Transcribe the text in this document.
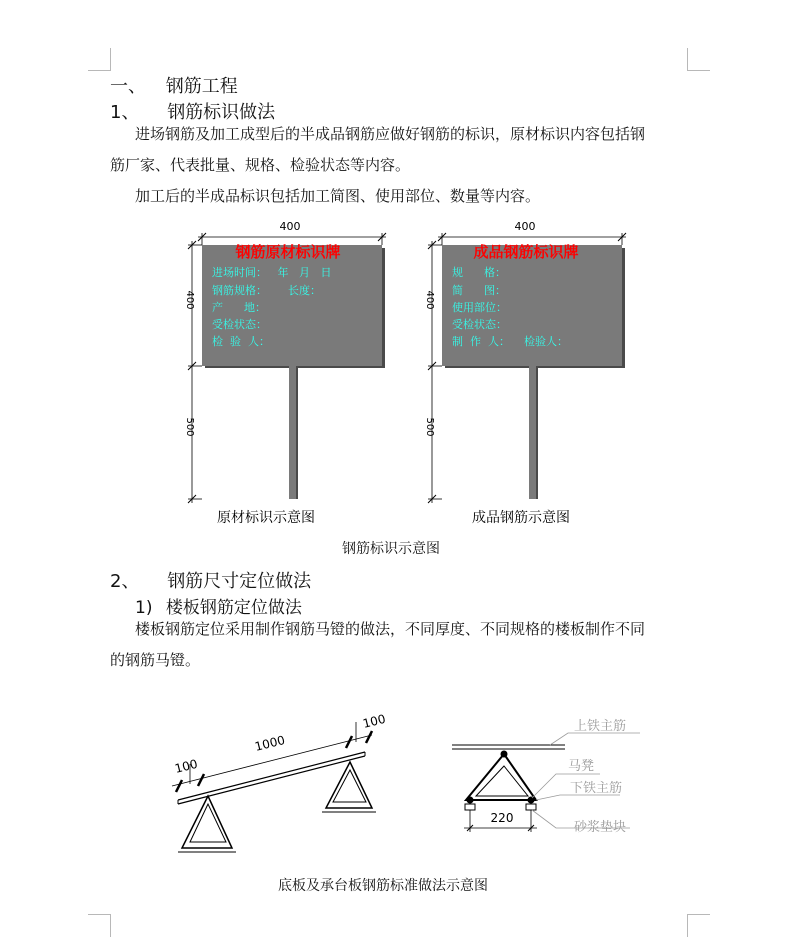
一、 钢筋工程
1、 钢筋标识做法
进场钢筋及加工成型后的半成品钢筋应做好钢筋的标识，原材标识内容包括钢
筋厂家、代表批量、规格、检验状态等内容。
加工后的半成品标识包括加工简图、使用部位、数量等内容。
400
400
500
钢筋原材标识牌
进场时间：   年   月   日
钢筋规格：      长度：
产      地：
受检状态：
检  验  人：
原材标识示意图
400
400
500
成品钢筋标识牌
规      格：
简      图：
使用部位：
受检状态：
制  作  人：    检验人：
成品钢筋示意图
钢筋标识示意图
2、 钢筋尺寸定位做法
1) 楼板钢筋定位做法
楼板钢筋定位采用制作钢筋马镫的做法，不同厚度、不同规格的楼板制作不同
的钢筋马镫。
100
1000
100
220
上铁主筋
马凳
下铁主筋
砂浆垫块
底板及承台板钢筋标准做法示意图
